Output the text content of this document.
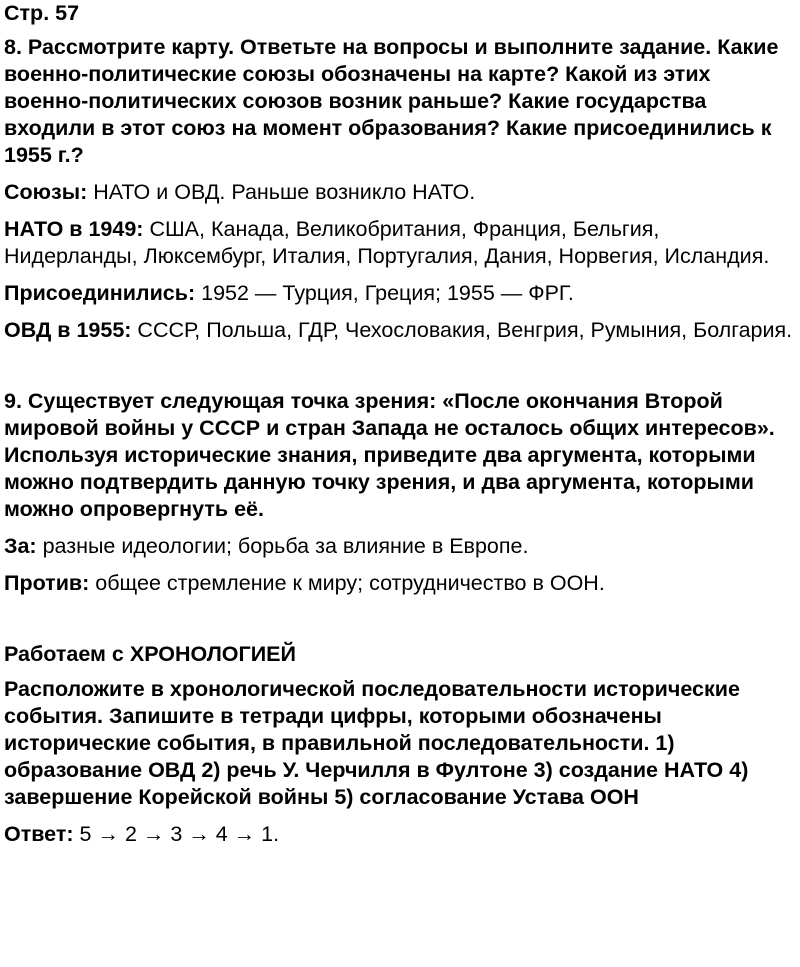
Стр. 57

8. Рассмотрите карту. Ответьте на вопросы и выполните задание. Какие военно-политические союзы обозначены на карте? Какой из этих военно-политических союзов возник раньше? Какие государства входили в этот союз на момент образования? Какие присоединились к 1955 г.?

Союзы: НАТО и ОВД. Раньше возникло НАТО.

НАТО в 1949: США, Канада, Великобритания, Франция, Бельгия, Нидерланды, Люксембург, Италия, Португалия, Дания, Норвегия, Исландия.

Присоединились: 1952 — Турция, Греция; 1955 — ФРГ.

ОВД в 1955: СССР, Польша, ГДР, Чехословакия, Венгрия, Румыния, Болгария.

9. Существует следующая точка зрения: «После окончания Второй мировой войны у СССР и стран Запада не осталось общих интересов». Используя исторические знания, приведите два аргумента, которыми можно подтвердить данную точку зрения, и два аргумента, которыми можно опровергнуть её.

За: разные идеологии; борьба за влияние в Европе.

Против: общее стремление к миру; сотрудничество в ООН.

Работаем с ХРОНОЛОГИЕЙ

Расположите в хронологической последовательности исторические события. Запишите в тетради цифры, которыми обозначены исторические события, в правильной последовательности. 1) образование ОВД 2) речь У. Черчилля в Фултоне 3) создание НАТО 4) завершение Корейской войны 5) согласование Устава ООН

Ответ: 5 → 2 → 3 → 4 → 1.
